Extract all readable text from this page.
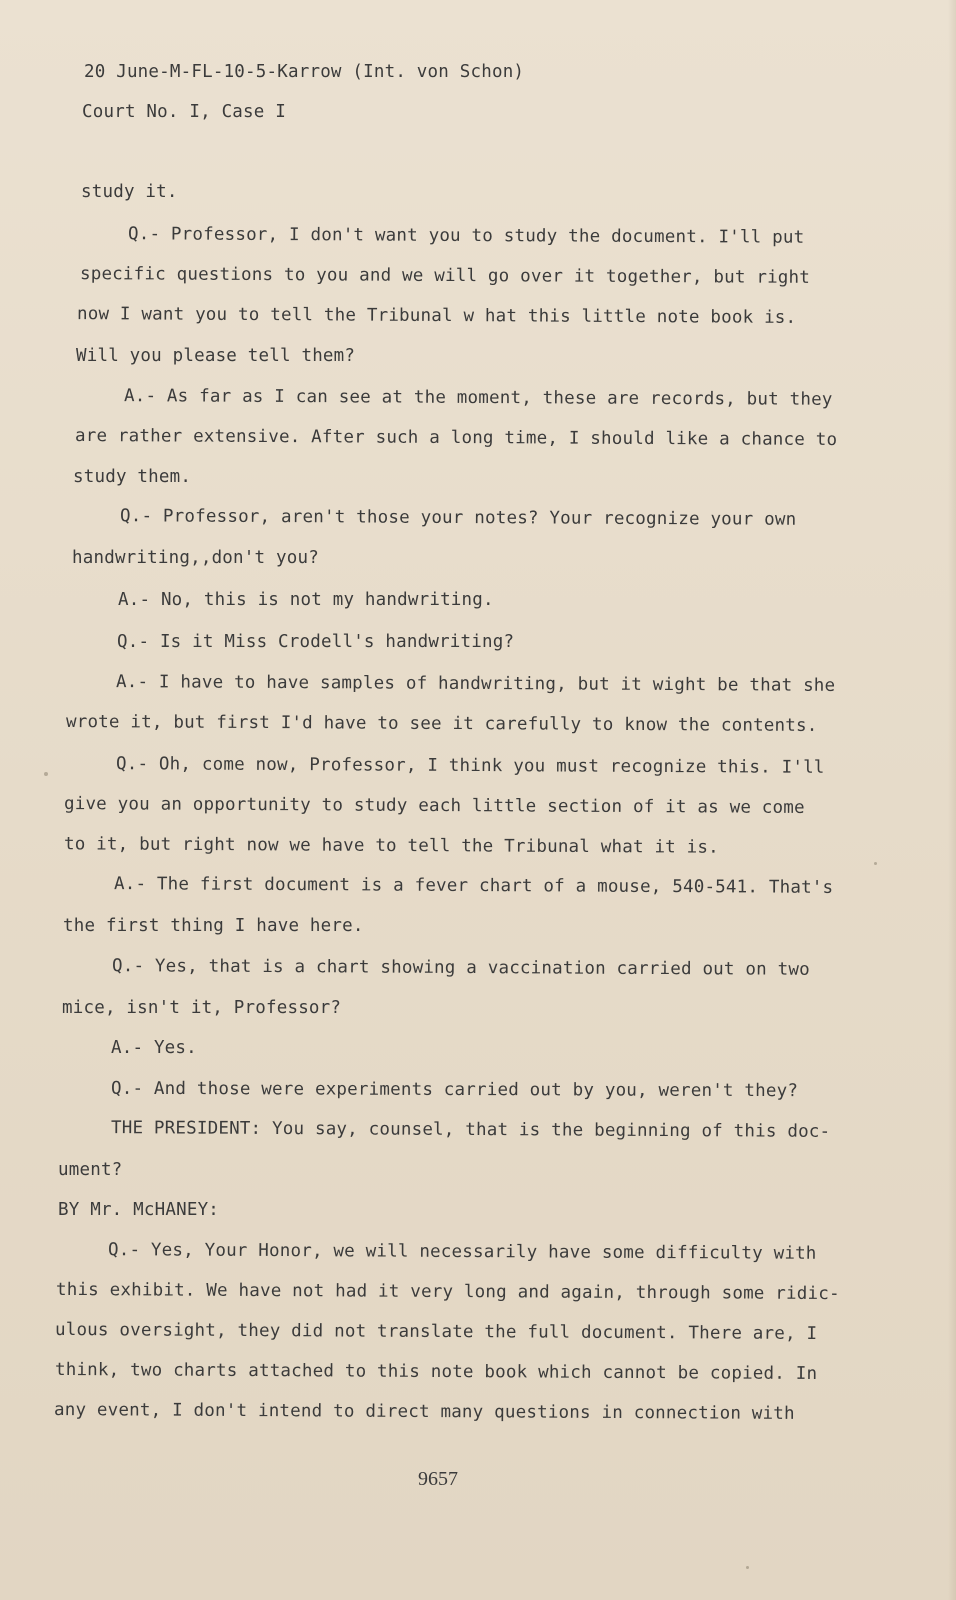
20 June-M-FL-10-5-Karrow (Int. von Schon)
Court No. I, Case I
study it.
Q.- Professor, I don't want you to study the document. I'll put
specific questions to you and we will go over it together, but right
now I want you to tell the Tribunal w hat this little note book is.
Will you please tell them?
A.- As far as I can see at the moment, these are records, but they
are rather extensive. After such a long time, I should like a chance to
study them.
Q.- Professor, aren't those your notes? Your recognize your own
handwriting,,don't you?
A.- No, this is not my handwriting.
Q.- Is it Miss Crodell's handwriting?
A.- I have to have samples of handwriting, but it wight be that she
wrote it, but first I'd have to see it carefully to know the contents.
Q.- Oh, come now, Professor, I think you must recognize this. I'll
give you an opportunity to study each little section of it as we come
to it, but right now we have to tell the Tribunal what it is.
A.- The first document is a fever chart of a mouse, 540-541. That's
the first thing I have here.
Q.- Yes, that is a chart showing a vaccination carried out on two
mice, isn't it, Professor?
A.- Yes.
Q.- And those were experiments carried out by you, weren't they?
THE PRESIDENT: You say, counsel, that is the beginning of this doc-
ument?
BY Mr. McHANEY:
Q.- Yes, Your Honor, we will necessarily have some difficulty with
this exhibit. We have not had it very long and again, through some ridic-
ulous oversight, they did not translate the full document. There are, I
think, two charts attached to this note book which cannot be copied. In
any event, I don't intend to direct many questions in connection with
9657
